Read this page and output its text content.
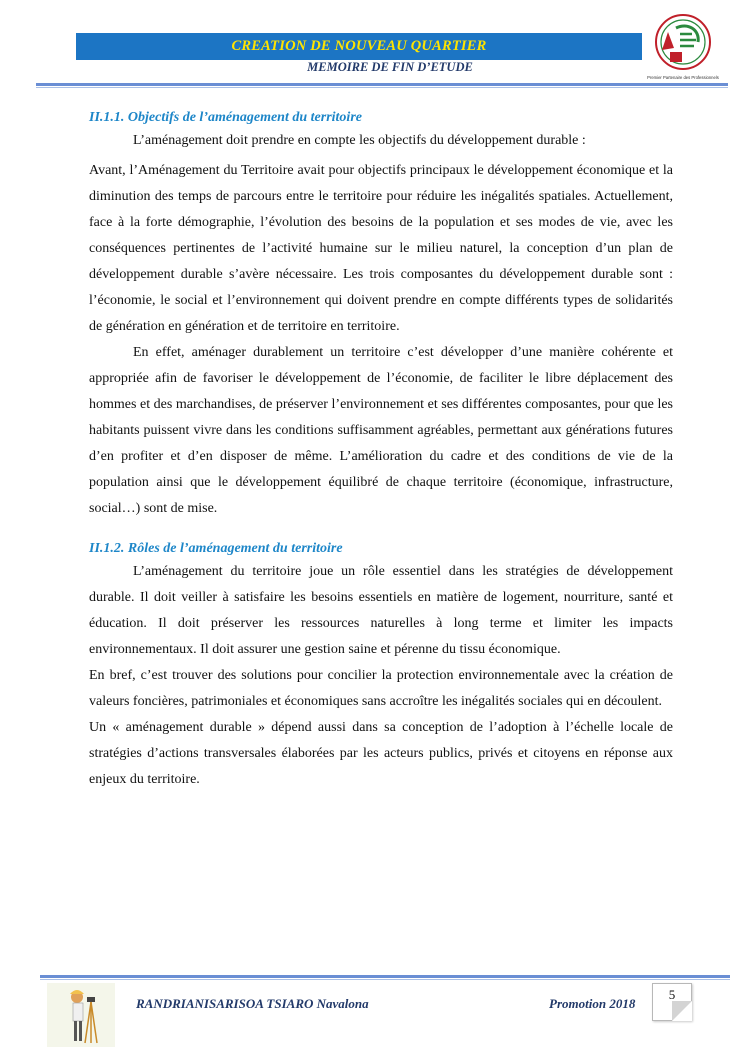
CREATION DE NOUVEAU QUARTIER
MEMOIRE DE FIN D’ETUDE
Premier Partenaire des Professionnels
II.1.1. Objectifs de l’aménagement du territoire

L’aménagement doit prendre en compte les objectifs du développement durable :

Avant, l’Aménagement du Territoire avait pour objectifs principaux le développement économique et la diminution des temps de parcours entre le territoire pour réduire les inégalités spatiales. Actuellement, face à la forte démographie, l’évolution des besoins de la population et ses modes de vie, avec les conséquences pertinentes de l’activité humaine sur le milieu naturel, la conception d’un plan de développement durable s’avère nécessaire. Les trois composantes du développement durable sont : l’économie, le social et l’environnement qui doivent prendre en compte différents types de solidarités de génération en génération et de territoire en territoire.

En effet, aménager durablement un territoire c’est développer d’une manière cohérente et appropriée afin de favoriser le développement de l’économie, de faciliter le libre déplacement des hommes et des marchandises, de préserver l’environnement et ses différentes composantes, pour que les habitants puissent vivre dans les conditions suffisamment agréables, permettant aux générations futures d’en profiter et d’en disposer de même. L’amélioration du cadre et des conditions de vie de la population ainsi que le développement équilibré de chaque territoire (économique, infrastructure, social…) sont de mise.

II.1.2. Rôles de l’aménagement du territoire

L’aménagement du territoire joue un rôle essentiel dans les stratégies de développement durable. Il doit veiller à satisfaire les besoins essentiels en matière de logement, nourriture, santé et éducation. Il doit préserver les ressources naturelles à long terme et limiter les impacts environnementaux. Il doit assurer une gestion saine et pérenne du tissu économique.

En bref, c’est trouver des solutions pour concilier la protection environnementale avec la création de valeurs foncières, patrimoniales et économiques sans accroître les inégalités sociales qui en découlent.

Un « aménagement durable » dépend aussi dans sa conception de l’adoption à l’échelle locale de stratégies d’actions transversales élaborées par les acteurs publics, privés et citoyens en réponse aux enjeux du territoire.

RANDRIANISARISOA TSIARO Navalona	Promotion 2018
5
